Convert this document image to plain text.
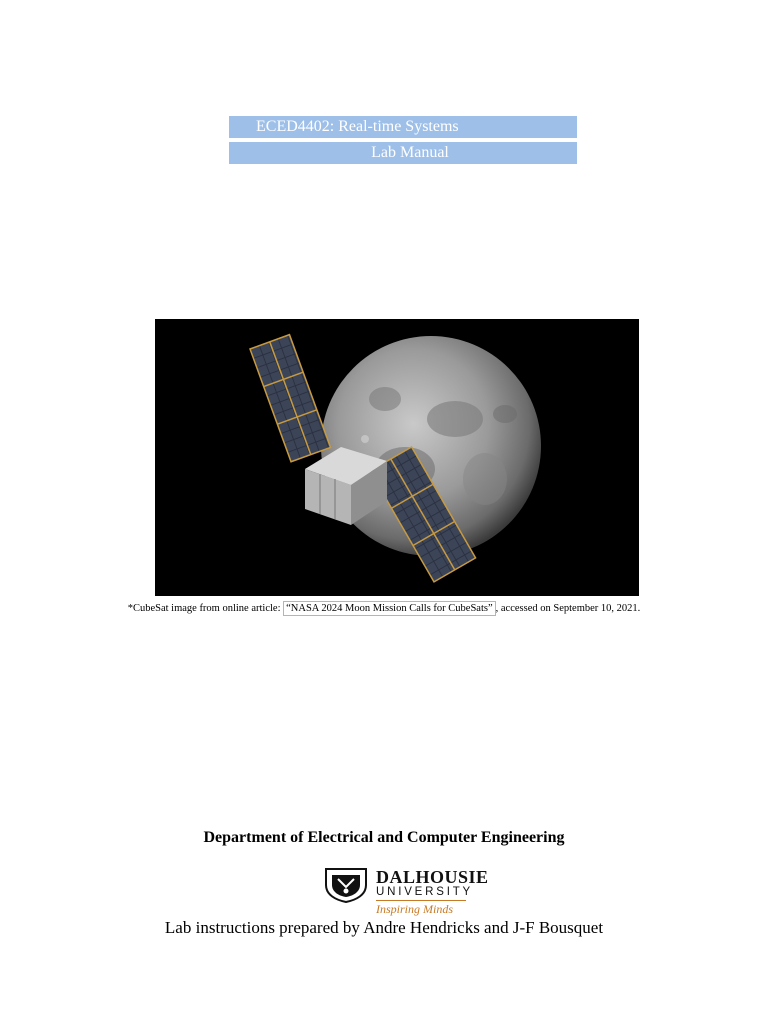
ECED4402: Real-time Systems
Lab Manual
*CubeSat image from online article: “NASA 2024 Moon Mission Calls for CubeSats” , accessed on September 10, 2021.
Department of Electrical and Computer Engineering
DALHOUSIE
UNIVERSITY
Inspiring Minds
Lab instructions prepared by Andre Hendricks and J-F Bousquet
